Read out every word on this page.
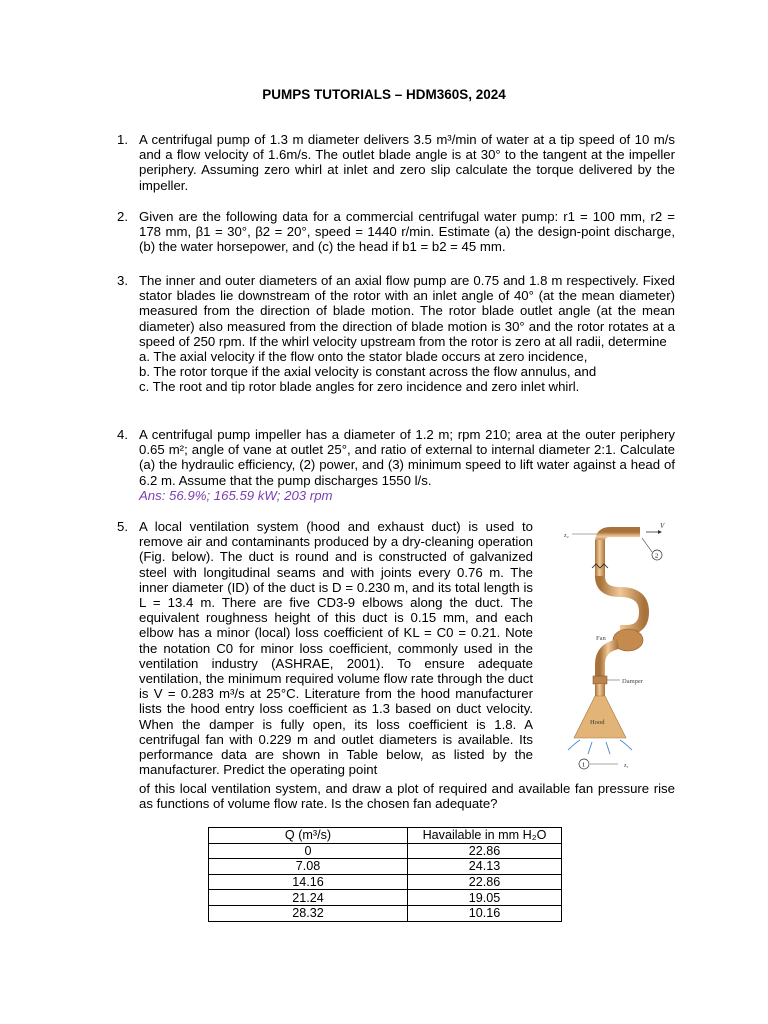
PUMPS TUTORIALS – HDM360S, 2024
1. A centrifugal pump of 1.3 m diameter delivers 3.5 m³/min of water at a tip speed of 10 m/s and a flow velocity of 1.6m/s. The outlet blade angle is at 30° to the tangent at the impeller periphery. Assuming zero whirl at inlet and zero slip calculate the torque delivered by the impeller.
2. Given are the following data for a commercial centrifugal water pump: r1 = 100 mm, r2 = 178 mm, β1 = 30°, β2 = 20°, speed = 1440 r/min. Estimate (a) the design-point discharge, (b) the water horsepower, and (c) the head if b1 = b2 = 45 mm.
3. The inner and outer diameters of an axial flow pump are 0.75 and 1.8 m respectively. Fixed stator blades lie downstream of the rotor with an inlet angle of 40° (at the mean diameter) measured from the direction of blade motion. The rotor blade outlet angle (at the mean diameter) also measured from the direction of blade motion is 30° and the rotor rotates at a speed of 250 rpm. If the whirl velocity upstream from the rotor is zero at all radii, determine
a. The axial velocity if the flow onto the stator blade occurs at zero incidence,
b. The rotor torque if the axial velocity is constant across the flow annulus, and
c. The root and tip rotor blade angles for zero incidence and zero inlet whirl.
4. A centrifugal pump impeller has a diameter of 1.2 m; rpm 210; area at the outer periphery 0.65 m²; angle of vane at outlet 25°, and ratio of external to internal diameter 2:1. Calculate (a) the hydraulic efficiency, (2) power, and (3) minimum speed to lift water against a head of 6.2 m. Assume that the pump discharges 1550 l/s.
Ans: 56.9%; 165.59 kW; 203 rpm
5. A local ventilation system (hood and exhaust duct) is used to remove air and contaminants produced by a dry-cleaning operation (Fig. below). The duct is round and is constructed of galvanized steel with longitudinal seams and with joints every 0.76 m. The inner diameter (ID) of the duct is D = 0.230 m, and its total length is L = 13.4 m. There are five CD3-9 elbows along the duct. The equivalent roughness height of this duct is 0.15 mm, and each elbow has a minor (local) loss coefficient of KL = C0 = 0.21. Note the notation C0 for minor loss coefficient, commonly used in the ventilation industry (ASHRAE, 2001). To ensure adequate ventilation, the minimum required volume flow rate through the duct is V = 0.283 m³/s at 25°C. Literature from the hood manufacturer lists the hood entry loss coefficient as 1.3 based on duct velocity. When the damper is fully open, its loss coefficient is 1.8. A centrifugal fan with 0.229 m and outlet diameters is available. Its performance data are shown in Table below, as listed by the manufacturer. Predict the operating point
of this local ventilation system, and draw a plot of required and available fan pressure rise as functions of volume flow rate. Is the chosen fan adequate?
z₂
V
2
Fan
Damper
Hood
1	z₁
Q (m³/s)	Havailable in mm H₂O
0	22.86
7.08	24.13
14.16	22.86
21.24	19.05
28.32	10.16
